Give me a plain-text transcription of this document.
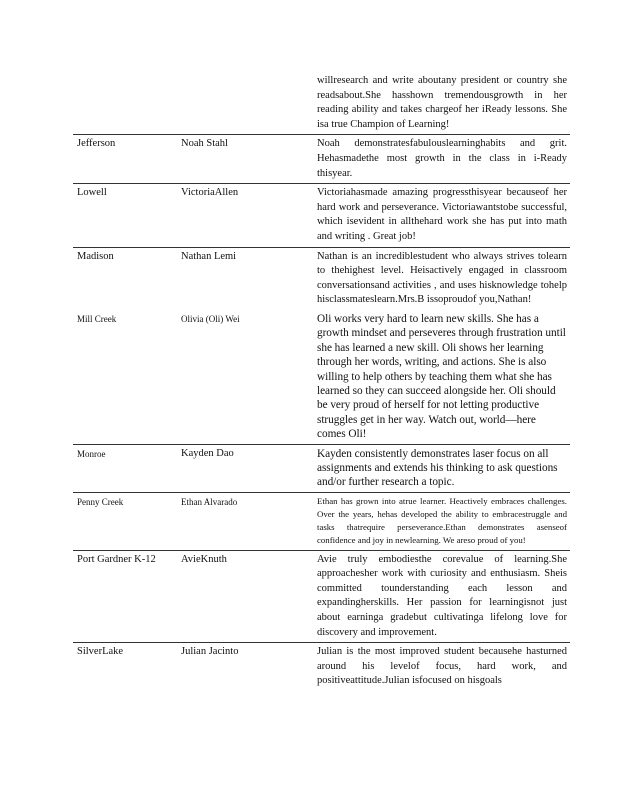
willresearch and write aboutany president or country she readsabout.She hasshown tremendousgrowth in her reading ability and takes chargeof her iReady lessons. She isa true Champion of Learning!
Jefferson	Noah Stahl	Noah demonstratesfabulouslearninghabits and grit. Hehasmadethe most growth in the class in i-Ready thisyear.
Lowell	VictoriaAllen	Victoriahasmade amazing progressthisyear becauseof her hard work and perseverance. Victoriawantstobe successful, which isevident in allthehard work she has put into math and writing . Great job!
Madison	Nathan Lemi	Nathan is an incrediblestudent who always strives tolearn to thehighest level. Heisactively engaged in classroom conversationsand activities , and uses hisknowledge tohelp hisclassmateslearn.Mrs.B issoproudof you,Nathan!
Mill Creek	Olivia (Oli) Wei	Oli works very hard to learn new skills. She has a growth mindset and perseveres through frustration until she has learned a new skill. Oli shows her learning through her words, writing, and actions. She is also willing to help others by teaching them what she has learned so they can succeed alongside her. Oli should be very proud of herself for not letting productive struggles get in her way. Watch out, world—here comes Oli!
Monroe	Kayden Dao	Kayden consistently demonstrates laser focus on all assignments and extends his thinking to ask questions and/or further research a topic.
Penny Creek	Ethan Alvarado	Ethan has grown into atrue learner. Heactively embraces challenges. Over the years, hehas developed the ability to embracestruggle and tasks thatrequire perseverance.Ethan demonstrates asenseof confidence and joy in newlearning. We areso proud of you!
Port Gardner K-12	AvieKnuth	Avie truly embodiesthe corevalue of learning.She approachesher work with curiosity and enthusiasm. Sheis committed tounderstanding each lesson and expandingherskills. Her passion for learningisnot just about earninga gradebut cultivatinga lifelong love for discovery and improvement.
SilverLake	Julian Jacinto	Julian is the most improved student becausehe hasturned around his levelof focus, hard work, and positiveattitude.Julian isfocused on hisgoals
